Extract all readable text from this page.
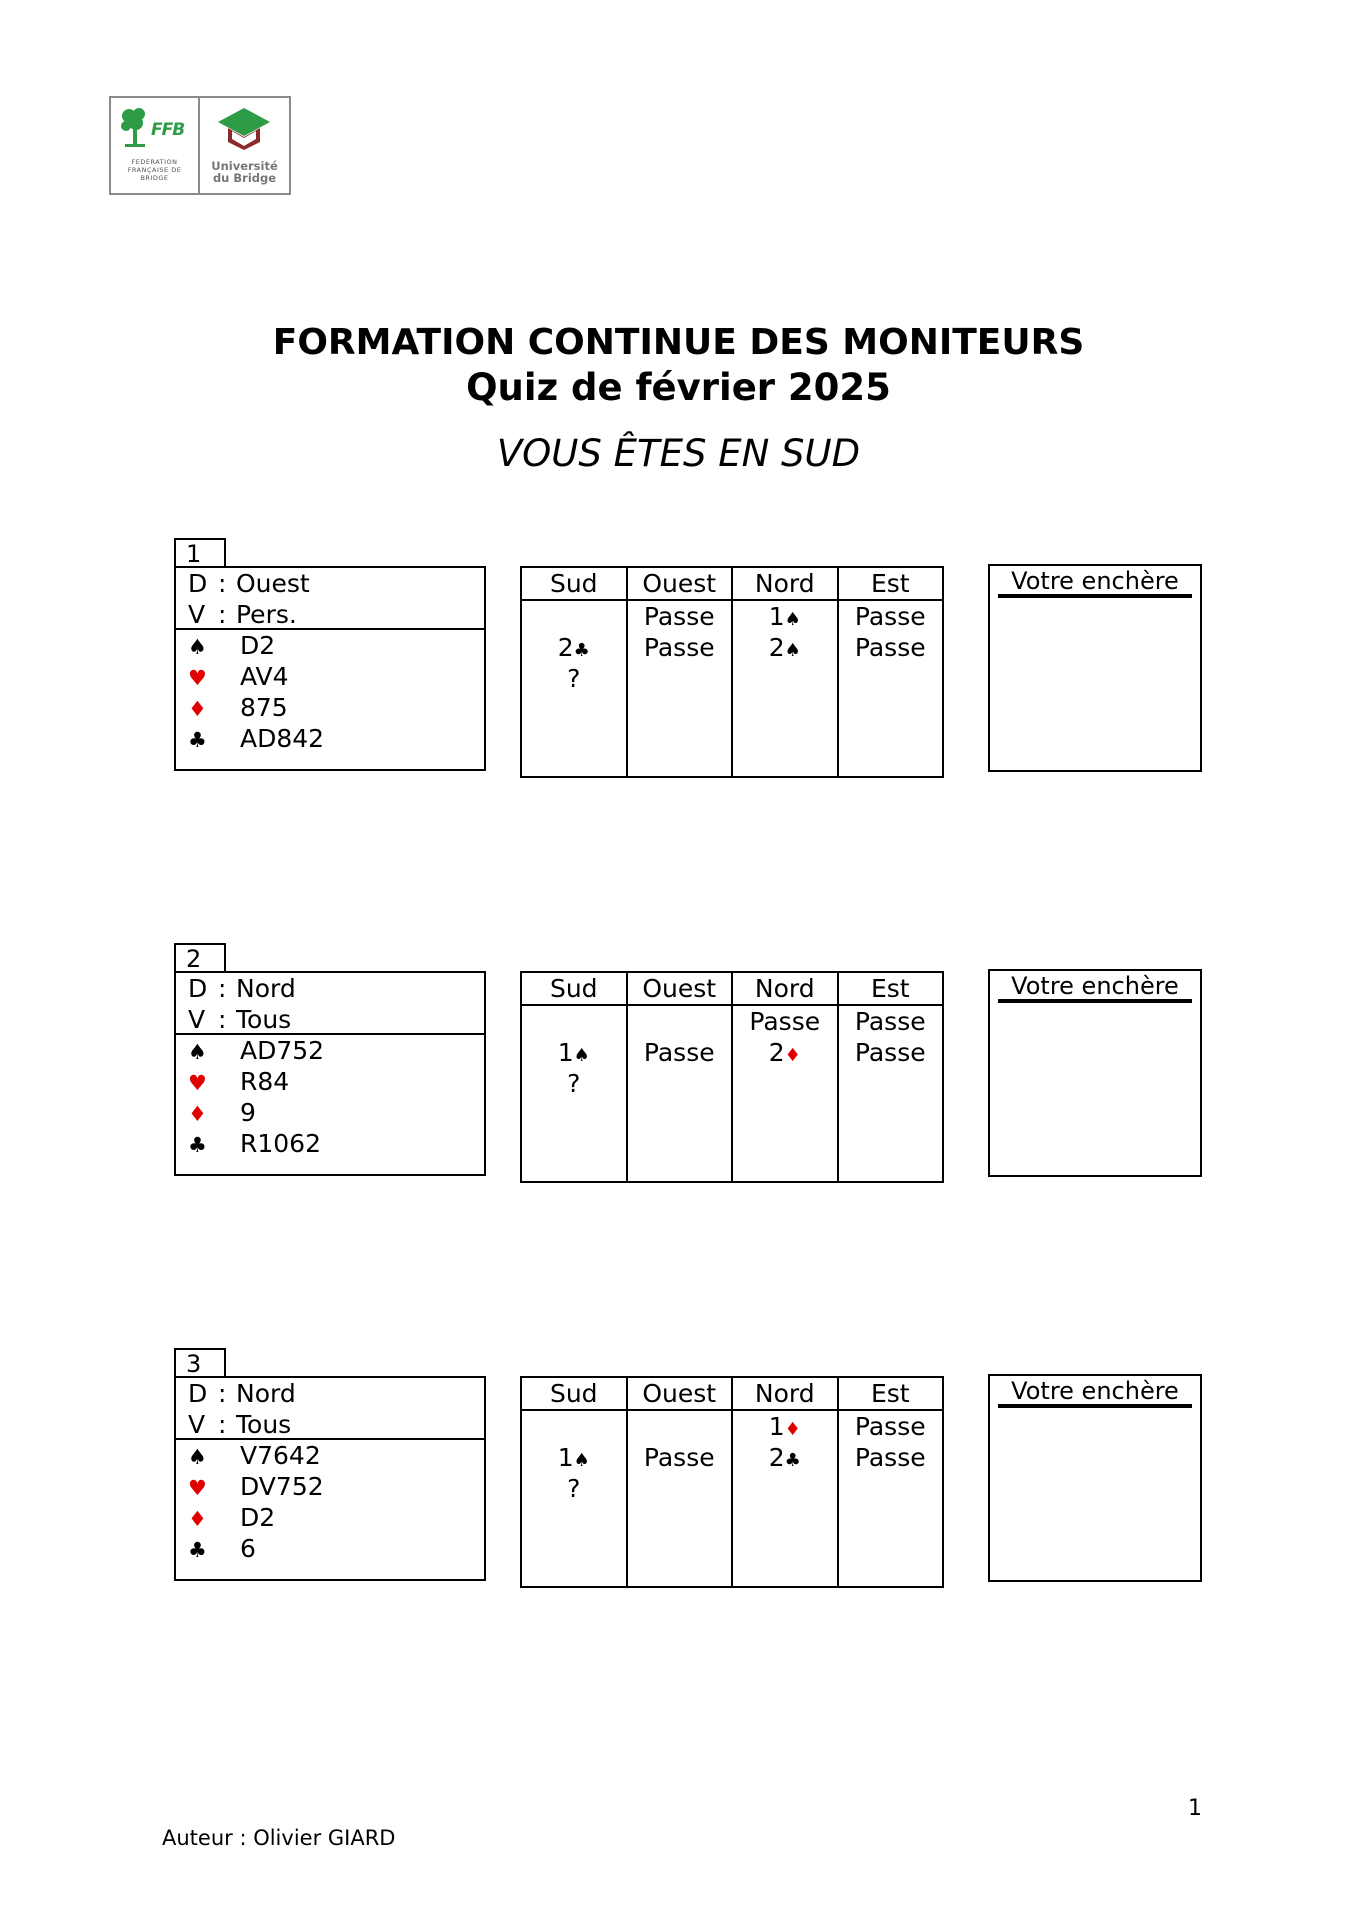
FFB
FEDERATION FRANÇAISE DE BRIDGE
Université du Bridge
FORMATION CONTINUE DES MONITEURS
Quiz de février 2025
VOUS ÊTES EN SUD
1
D : Ouest
V : Pers.
♠ D2
♥ AV4
♦ 875
♣ AD842
Sud
2♣
?
Ouest
Passe
Passe
Nord
1♠
2♠
Est
Passe
Passe
Votre enchère
2
D : Nord
V : Tous
♠ AD752
♥ R84
♦ 9
♣ R1062
Sud
1♠
?
Ouest
Passe
Nord
Passe
2♦
Est
Passe
Passe
Votre enchère
3
D : Nord
V : Tous
♠ V7642
♥ DV752
♦ D2
♣ 6
Sud
1♠
?
Ouest
Passe
Nord
1♦
2♣
Est
Passe
Passe
Votre enchère
Auteur : Olivier GIARD
1
